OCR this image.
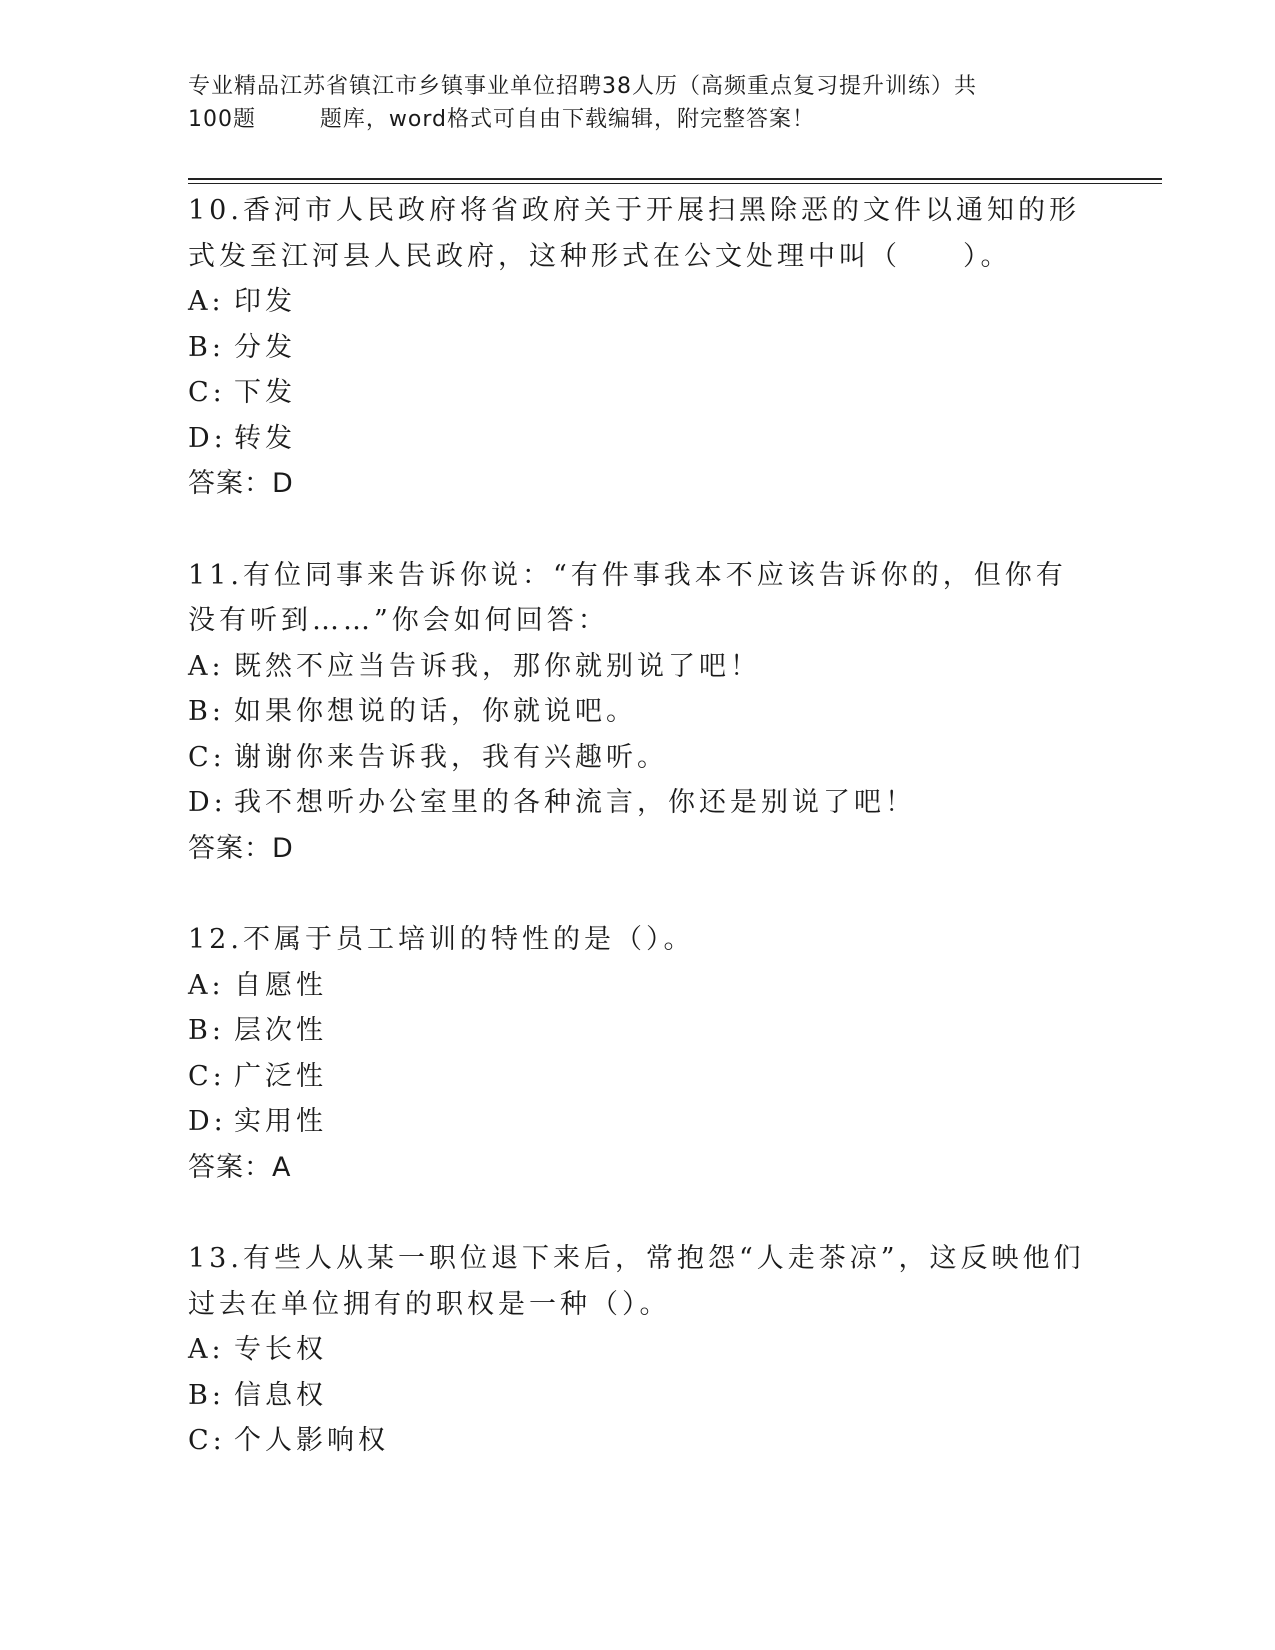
专业精品江苏省镇江市乡镇事业单位招聘38人历（高频重点复习提升训练）共
100题        题库，word格式可自由下载编辑，附完整答案！
10.香河市人民政府将省政府关于开展扫黑除恶的文件以通知的形式发至江河县人民政府，这种形式在公文处理中叫（　　）。
A: 印发
B: 分发
C: 下发
D: 转发
答案：D
11.有位同事来告诉你说：“有件事我本不应该告诉你的，但你有没有听到……”你会如何回答：
A: 既然不应当告诉我，那你就别说了吧！
B: 如果你想说的话，你就说吧。
C: 谢谢你来告诉我，我有兴趣听。
D: 我不想听办公室里的各种流言，你还是别说了吧！
答案：D
12.不属于员工培训的特性的是（）。
A: 自愿性
B: 层次性
C: 广泛性
D: 实用性
答案：A
13.有些人从某一职位退下来后，常抱怨“人走茶凉”，这反映他们过去在单位拥有的职权是一种（）。
A: 专长权
B: 信息权
C: 个人影响权
